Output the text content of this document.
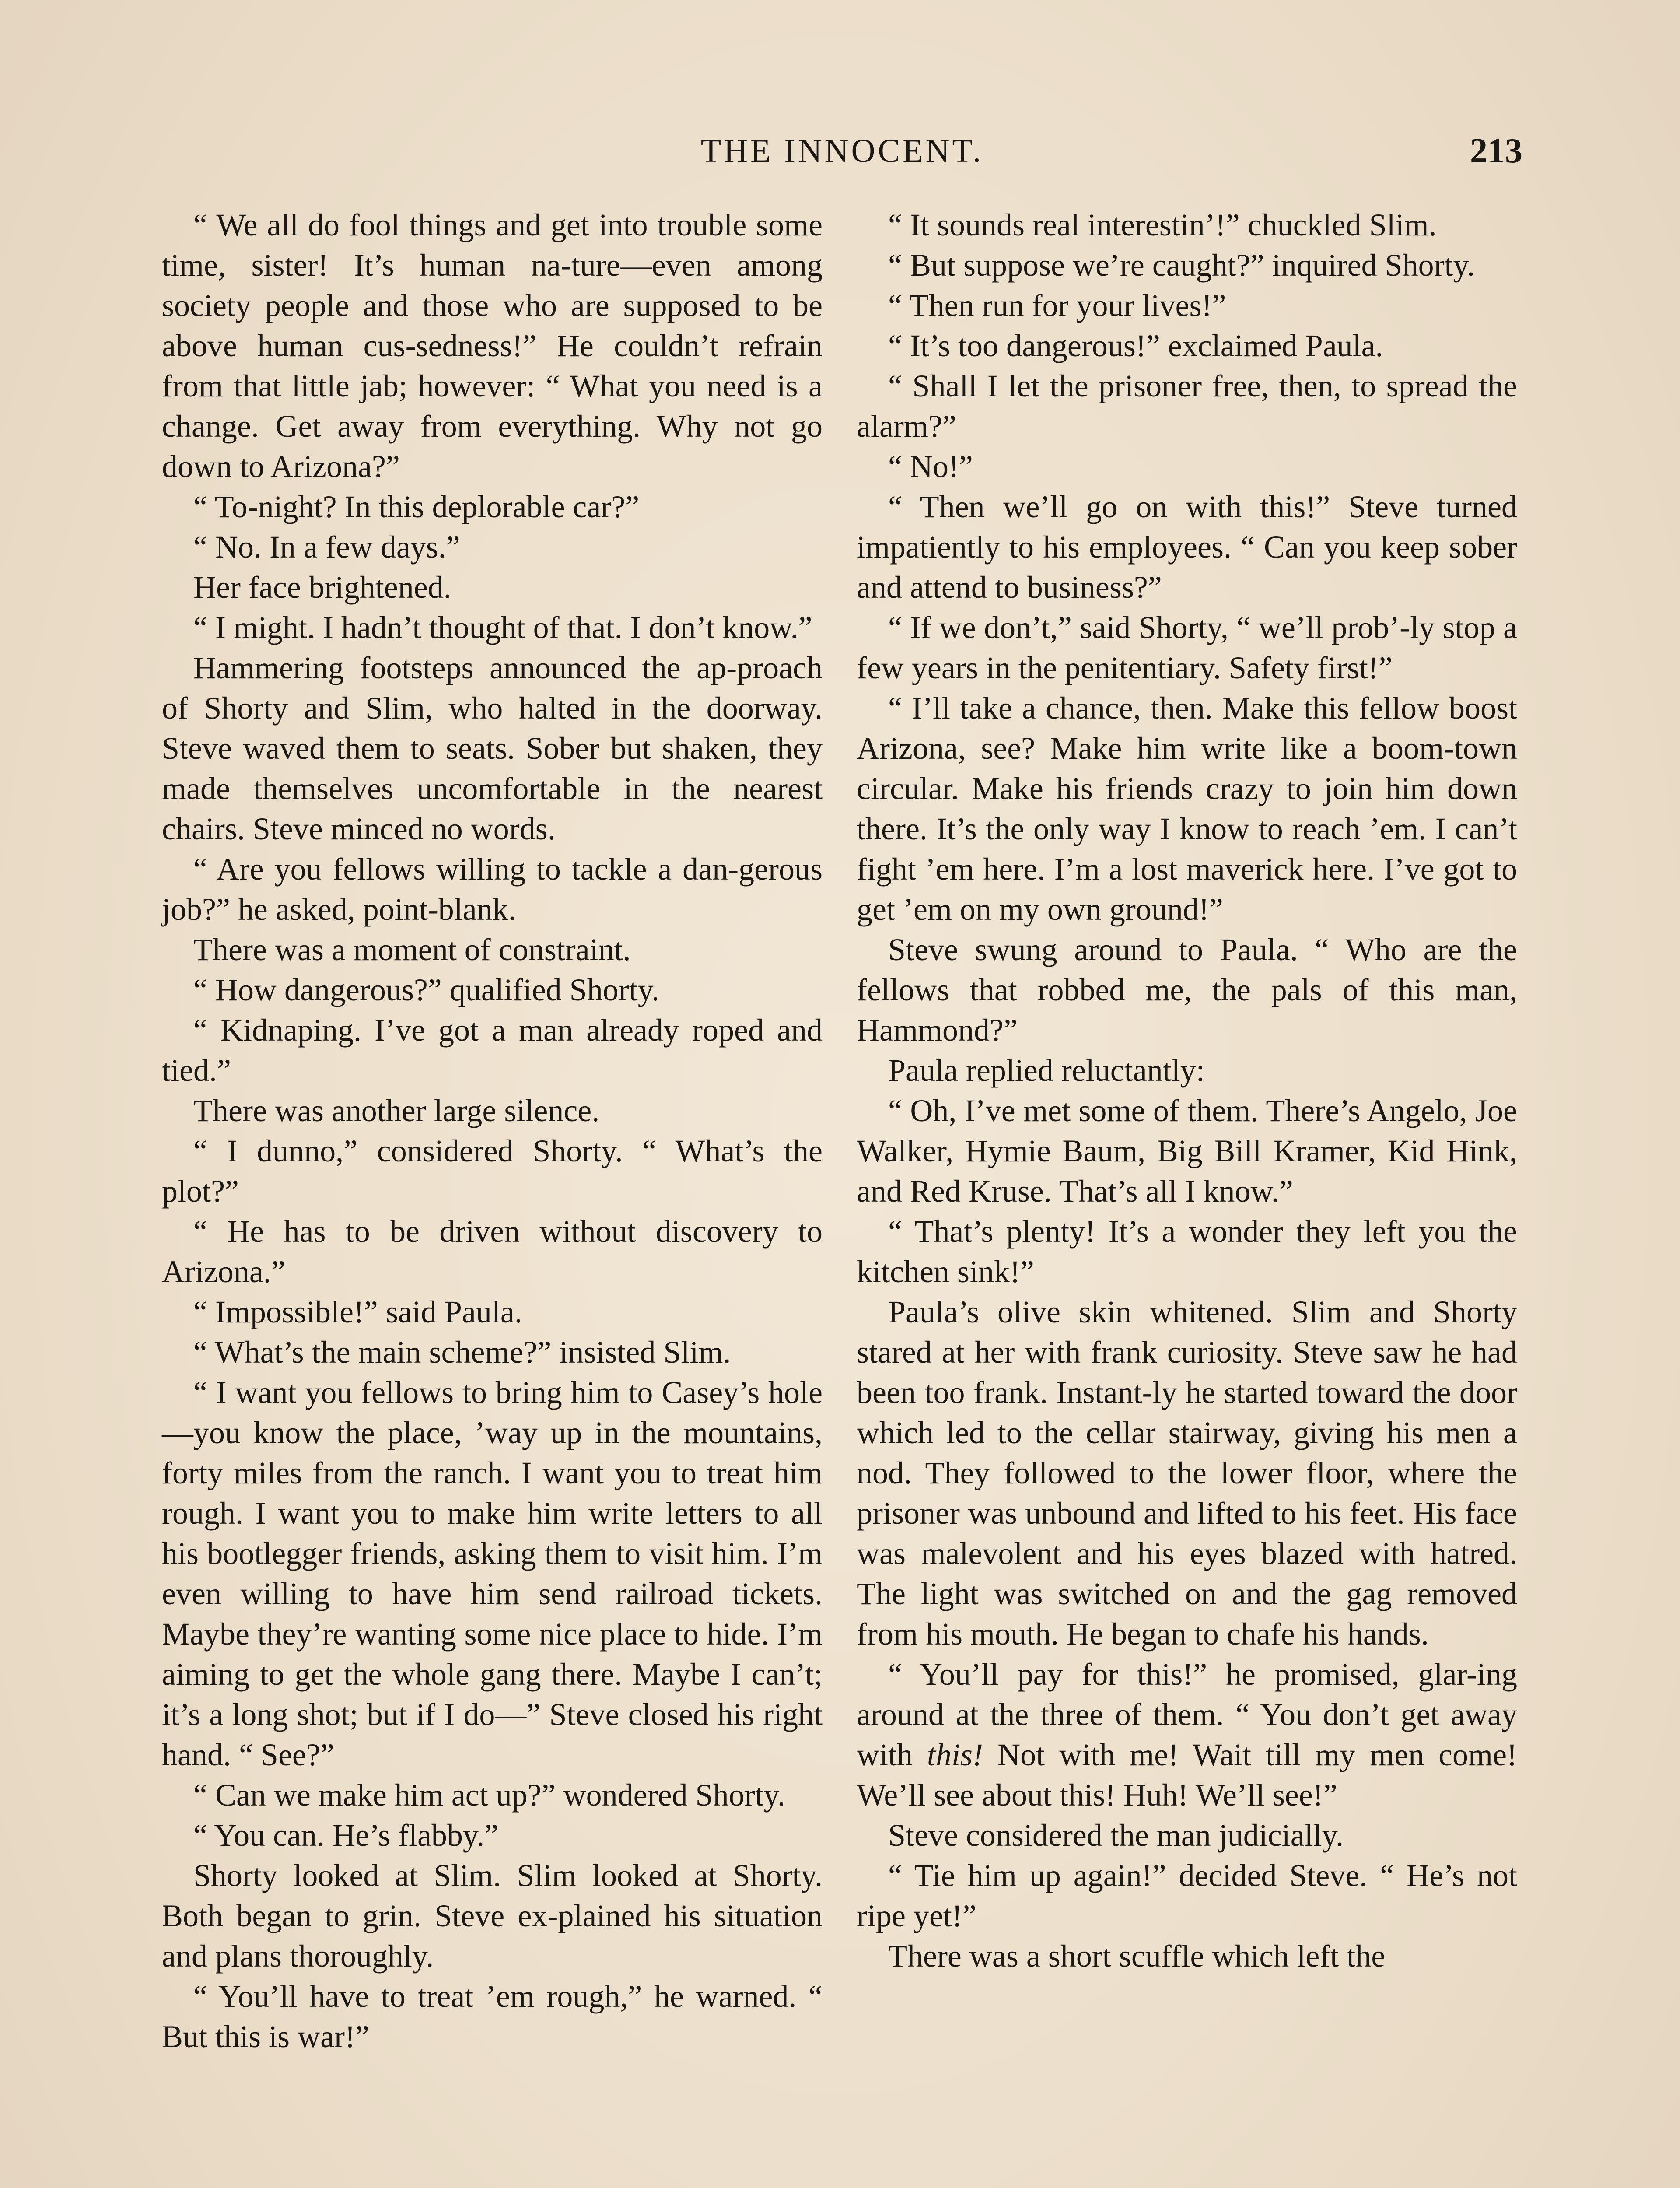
THE INNOCENT.	213

“ We all do fool things and get into trouble some time, sister! It’s human na-ture—even among society people and those who are supposed to be above human cus-sedness!” He couldn’t refrain from that little jab; however: “ What you need is a change. Get away from everything. Why not go down to Arizona?”

“ To-night? In this deplorable car?”

“ No. In a few days.”

Her face brightened.

“ I might. I hadn’t thought of that. I don’t know.”

Hammering footsteps announced the ap-proach of Shorty and Slim, who halted in the doorway. Steve waved them to seats. Sober but shaken, they made themselves uncomfortable in the nearest chairs. Steve minced no words.

“ Are you fellows willing to tackle a dan-gerous job?” he asked, point-blank.

There was a moment of constraint.

“ How dangerous?” qualified Shorty.

“ Kidnaping. I’ve got a man already roped and tied.”

There was another large silence.

“ I dunno,” considered Shorty. “ What’s the plot?”

“ He has to be driven without discovery to Arizona.”

“ Impossible!” said Paula.

“ What’s the main scheme?” insisted Slim.

“ I want you fellows to bring him to Casey’s hole—you know the place, ’way up in the mountains, forty miles from the ranch. I want you to treat him rough. I want you to make him write letters to all his bootlegger friends, asking them to visit him. I’m even willing to have him send railroad tickets. Maybe they’re wanting some nice place to hide. I’m aiming to get the whole gang there. Maybe I can’t; it’s a long shot; but if I do—” Steve closed his right hand. “ See?”

“ Can we make him act up?” wondered Shorty.

“ You can. He’s flabby.”

Shorty looked at Slim. Slim looked at Shorty. Both began to grin. Steve ex-plained his situation and plans thoroughly.

“ You’ll have to treat ’em rough,” he warned. “ But this is war!”

“ It sounds real interestin’!” chuckled Slim.

“ But suppose we’re caught?” inquired Shorty.

“ Then run for your lives!”

“ It’s too dangerous!” exclaimed Paula.

“ Shall I let the prisoner free, then, to spread the alarm?”

“ No!”

“ Then we’ll go on with this!” Steve turned impatiently to his employees. “ Can you keep sober and attend to business?”

“ If we don’t,” said Shorty, “ we’ll prob’-ly stop a few years in the penitentiary. Safety first!”

“ I’ll take a chance, then. Make this fellow boost Arizona, see? Make him write like a boom-town circular. Make his friends crazy to join him down there. It’s the only way I know to reach ’em. I can’t fight ’em here. I’m a lost maverick here. I’ve got to get ’em on my own ground!”

Steve swung around to Paula. “ Who are the fellows that robbed me, the pals of this man, Hammond?”

Paula replied reluctantly:

“ Oh, I’ve met some of them. There’s Angelo, Joe Walker, Hymie Baum, Big Bill Kramer, Kid Hink, and Red Kruse. That’s all I know.”

“ That’s plenty! It’s a wonder they left you the kitchen sink!”

Paula’s olive skin whitened. Slim and Shorty stared at her with frank curiosity. Steve saw he had been too frank. Instant-ly he started toward the door which led to the cellar stairway, giving his men a nod. They followed to the lower floor, where the prisoner was unbound and lifted to his feet. His face was malevolent and his eyes blazed with hatred. The light was switched on and the gag removed from his mouth. He began to chafe his hands.

“ You’ll pay for this!” he promised, glar-ing around at the three of them. “ You don’t get away with this! Not with me! Wait till my men come! We’ll see about this! Huh! We’ll see!”

Steve considered the man judicially.

“ Tie him up again!” decided Steve. “ He’s not ripe yet!”

There was a short scuffle which left the
